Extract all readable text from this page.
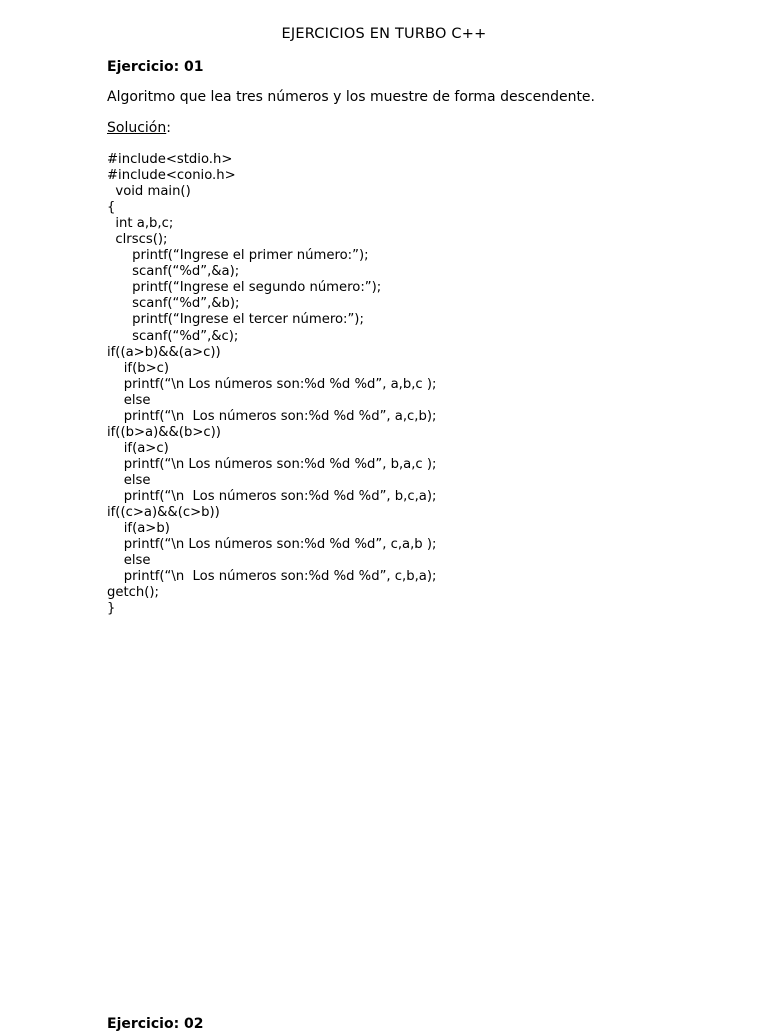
EJERCICIOS EN TURBO C++
Ejercicio: 01
Algoritmo que lea tres números y los muestre de forma descendente.
Solución:
#include<stdio.h>
#include<conio.h>
void main()
{
int a,b,c;
clrscs();
printf(“Ingrese el primer número:”);
scanf(“%d”,&a);
printf(“Ingrese el segundo número:”);
scanf(“%d”,&b);
printf(“Ingrese el tercer número:”);
scanf(“%d”,&c);
if((a>b)&&(a>c))
if(b>c)
printf(“\n Los números son:%d %d %d”, a,b,c );
else
printf(“\n  Los números son:%d %d %d”, a,c,b);
if((b>a)&&(b>c))
if(a>c)
printf(“\n Los números son:%d %d %d”, b,a,c );
else
printf(“\n  Los números son:%d %d %d”, b,c,a);
if((c>a)&&(c>b))
if(a>b)
printf(“\n Los números son:%d %d %d”, c,a,b );
else
printf(“\n  Los números son:%d %d %d”, c,b,a);
getch();
}
Ejercicio: 02
